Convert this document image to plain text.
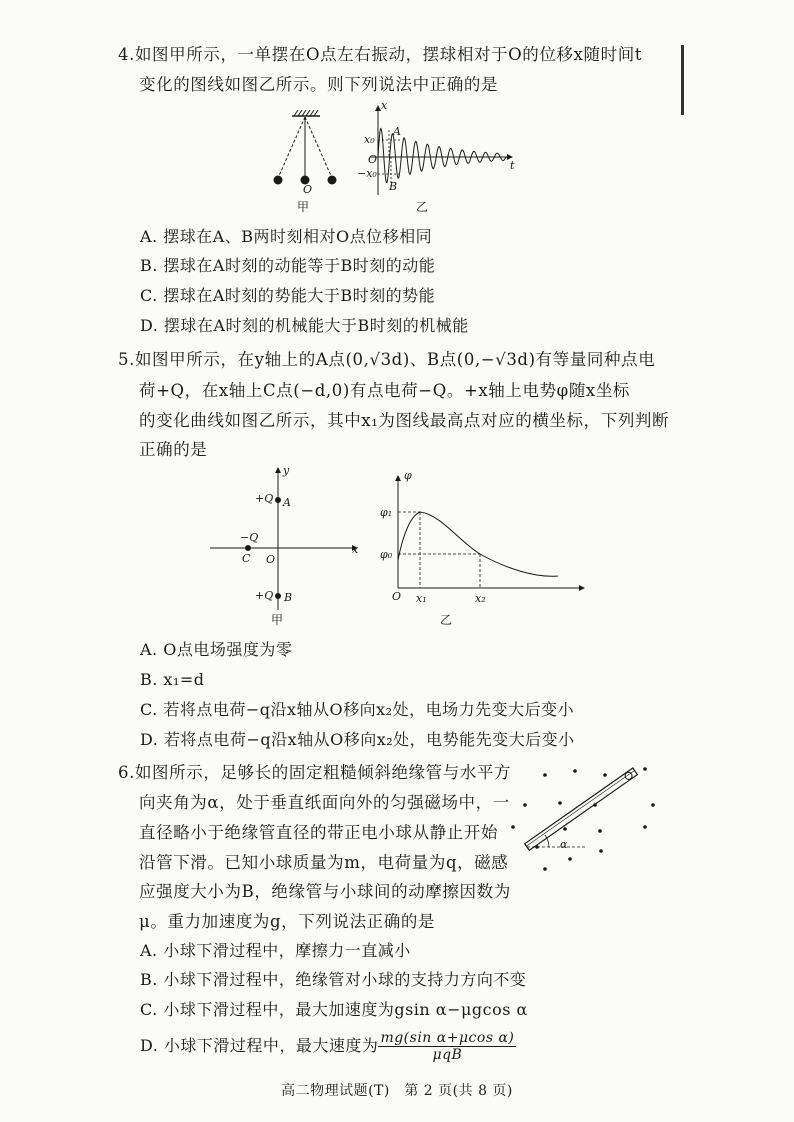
4.如图甲所示，一单摆在O点左右振动，摆球相对于O的位移x随时间t
变化的图线如图乙所示。则下列说法中正确的是
O
甲
x
t
x₀
−x₀
O
A
B
乙
A. 摆球在A、B两时刻相对O点位移相同
B. 摆球在A时刻的动能等于B时刻的动能
C. 摆球在A时刻的势能大于B时刻的势能
D. 摆球在A时刻的机械能大于B时刻的机械能
5.如图甲所示，在y轴上的A点(0,√3d)、B点(0,−√3d)有等量同种点电
荷+Q，在x轴上C点(−d,0)有点电荷−Q。+x轴上电势φ随x坐标
的变化曲线如图乙所示，其中x₁为图线最高点对应的横坐标，下列判断
正确的是
y
x
+Q A
−Q
C O
+Q B
甲
φ
φ₁
φ₀
O x₁	x₂
乙
A. O点电场强度为零
B. x₁=d
C. 若将点电荷−q沿x轴从O移向x₂处，电场力先变大后变小
D. 若将点电荷−q沿x轴从O移向x₂处，电势能先变大后变小
6.如图所示，足够长的固定粗糙倾斜绝缘管与水平方
向夹角为α，处于垂直纸面向外的匀强磁场中，一
直径略小于绝缘管直径的带正电小球从静止开始
沿管下滑。已知小球质量为m，电荷量为q，磁感
应强度大小为B，绝缘管与小球间的动摩擦因数为
μ。重力加速度为g，下列说法正确的是
α
A. 小球下滑过程中，摩擦力一直减小
B. 小球下滑过程中，绝缘管对小球的支持力方向不变
C. 小球下滑过程中，最大加速度为gsin α−μgcos α
D. 小球下滑过程中，最大速度为 $\frac{\text{mg(sin α+μcos α)}}{\text{μqB}}$
高二物理试题(T)　第 2 页(共 8 页)
